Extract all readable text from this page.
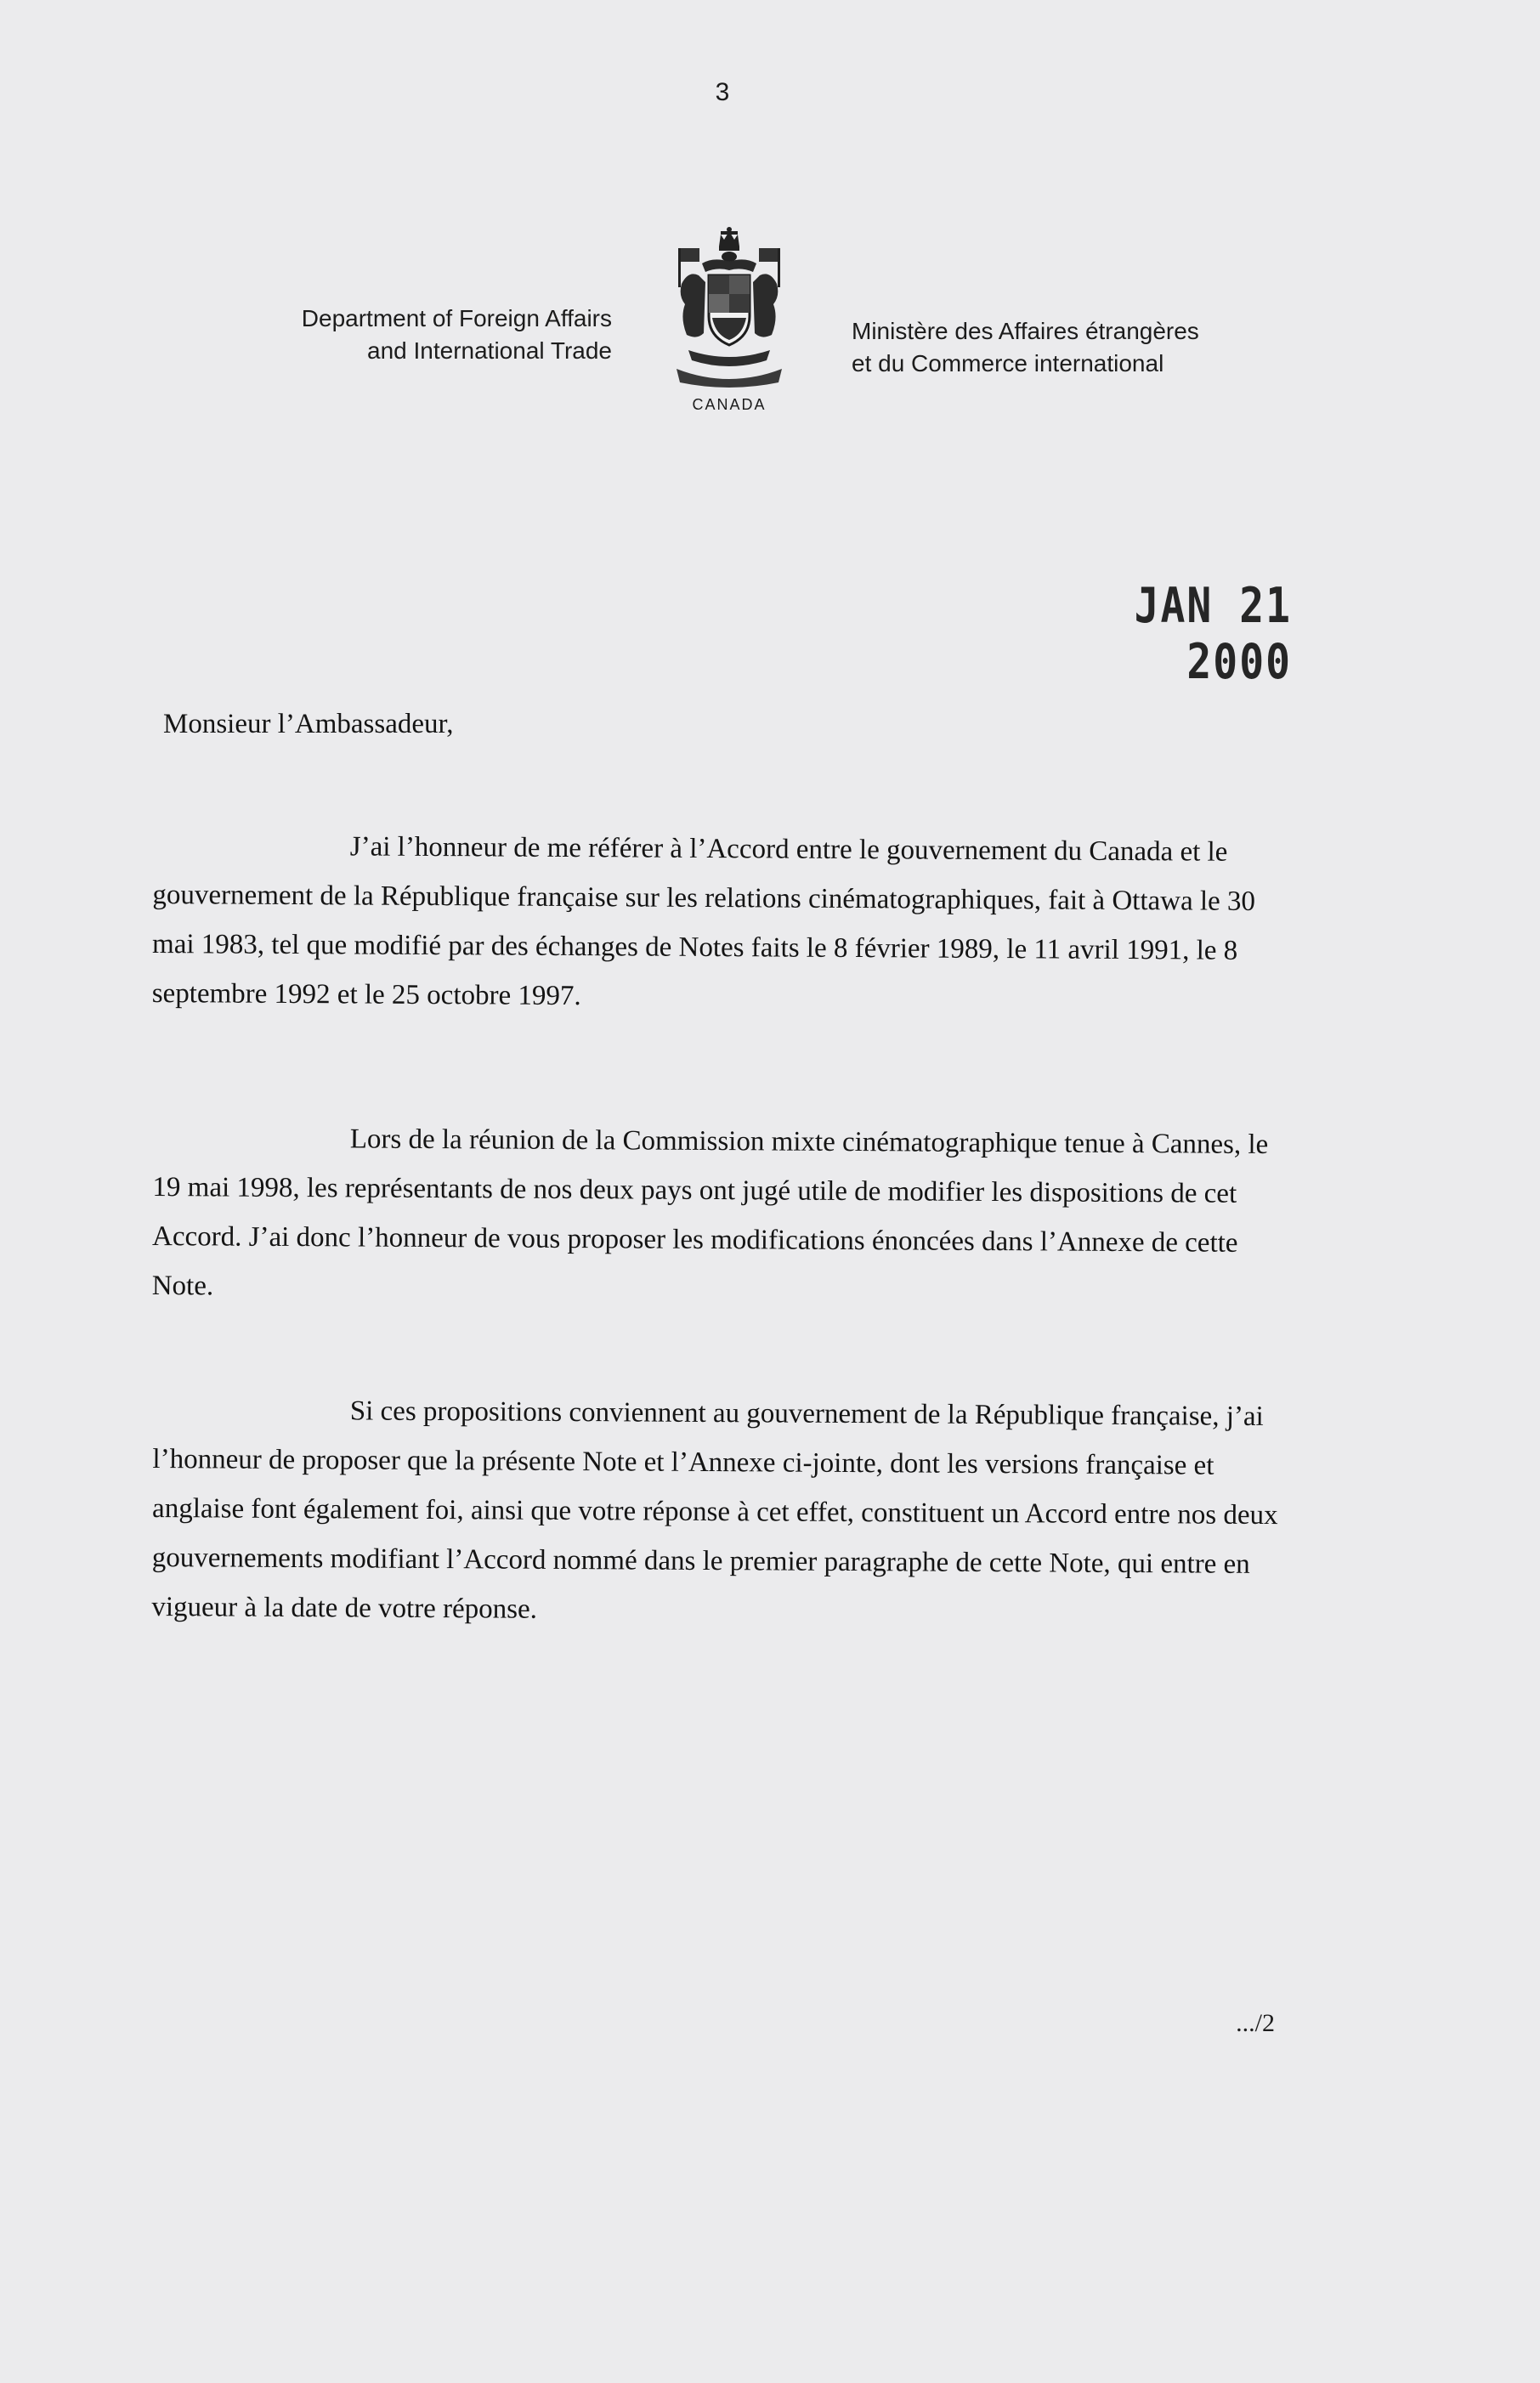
3
Department of Foreign Affairs
and International Trade
CANADA
Ministère des Affaires étrangères
et du Commerce international
JAN 21 2000
Monsieur l’Ambassadeur,
J’ai l’honneur de me référer à l’Accord entre le gouvernement du Canada et le gouvernement de la République française sur les relations cinématographiques, fait à Ottawa le 30 mai 1983, tel que modifié par des échanges de Notes faits le 8 février 1989, le 11 avril 1991, le 8 septembre 1992 et le 25 octobre 1997.
Lors de la réunion de la Commission mixte cinématographique tenue à Cannes, le 19 mai 1998, les représentants de nos deux pays ont jugé utile de modifier les dispositions de cet Accord. J’ai donc l’honneur de vous proposer les modifications énoncées dans l’Annexe de cette Note.
Si ces propositions conviennent au gouvernement de la République française, j’ai l’honneur de proposer que la présente Note et l’Annexe ci-jointe, dont les versions française et anglaise font également foi, ainsi que votre réponse à cet effet, constituent un Accord entre nos deux gouvernements modifiant l’Accord nommé dans le premier paragraphe de cette Note, qui entre en vigueur à la date de votre réponse.
.../2
